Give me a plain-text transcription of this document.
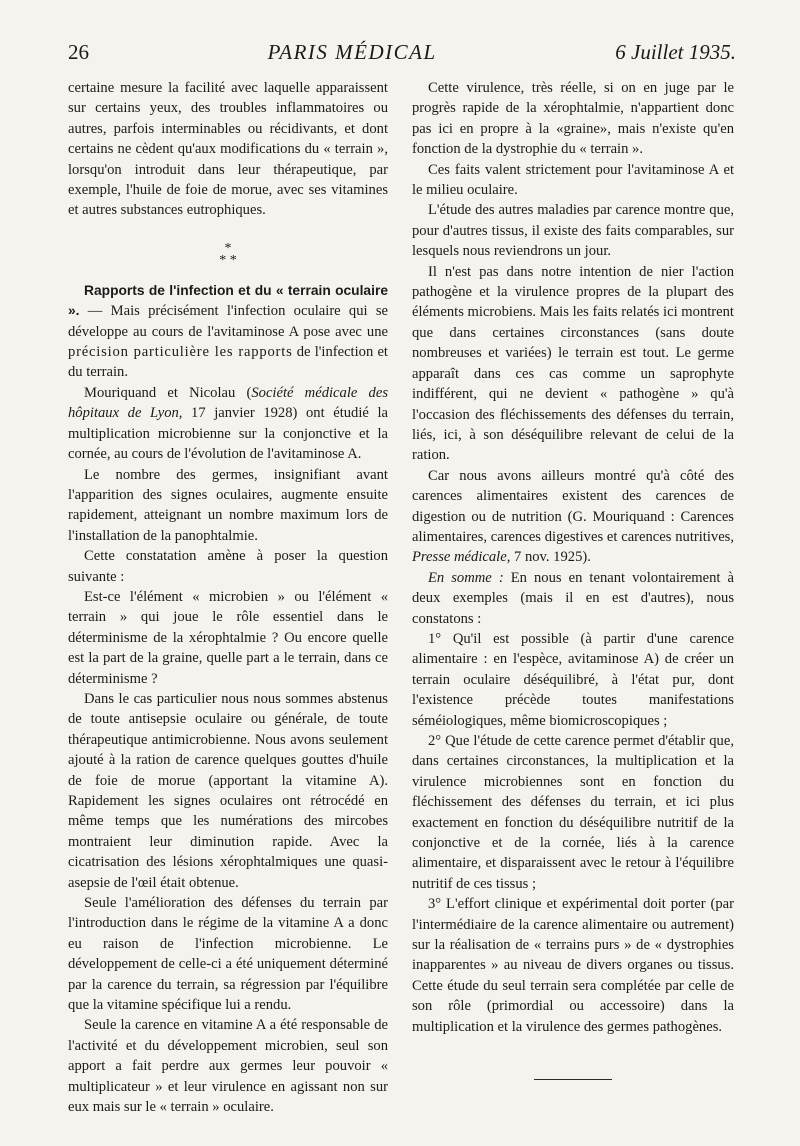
26	PARIS MÉDICAL	6 Juillet 1935.

certaine mesure la facilité avec laquelle apparaissent sur certains yeux, des troubles inflammatoires ou autres, parfois interminables ou récidivants, et dont certains ne cèdent qu'aux modifications du « terrain », lorsqu'on introduit dans leur thérapeutique, par exemple, l'huile de foie de morue, avec ses vitamines et autres substances eutrophiques.

*
* *

Rapports de l'infection et du « terrain oculaire ». — Mais précisément l'infection oculaire qui se développe au cours de l'avitaminose A pose avec une précision particulière les rapports de l'infection et du terrain.

Mouriquand et Nicolau (Société médicale des hôpitaux de Lyon, 17 janvier 1928) ont étudié la multiplication microbienne sur la conjonctive et la cornée, au cours de l'évolution de l'avitaminose A.

Le nombre des germes, insignifiant avant l'apparition des signes oculaires, augmente ensuite rapidement, atteignant un nombre maximum lors de l'installation de la panophtalmie.

Cette constatation amène à poser la question suivante :

Est-ce l'élément « microbien » ou l'élément « terrain » qui joue le rôle essentiel dans le déterminisme de la xérophtalmie ? Ou encore quelle est la part de la graine, quelle part a le terrain, dans ce déterminisme ?

Dans le cas particulier nous nous sommes abstenus de toute antisepsie oculaire ou générale, de toute thérapeutique antimicrobienne. Nous avons seulement ajouté à la ration de carence quelques gouttes d'huile de foie de morue (apportant la vitamine A). Rapidement les signes oculaires ont rétrocédé en même temps que les numérations des mircobes montraient leur diminution rapide. Avec la cicatrisation des lésions xérophtalmiques une quasi-asepsie de l'œil était obtenue.

Seule l'amélioration des défenses du terrain par l'introduction dans le régime de la vitamine A a donc eu raison de l'infection microbienne. Le développement de celle-ci a été uniquement déterminé par la carence du terrain, sa régression par l'équilibre que la vitamine spécifique lui a rendu.

Seule la carence en vitamine A a été responsable de l'activité et du développement microbien, seul son apport a fait perdre aux germes leur pouvoir « multiplicateur » et leur virulence en agissant non sur eux mais sur le « terrain » oculaire.

Cette virulence, très réelle, si on en juge par le progrès rapide de la xérophtalmie, n'appartient donc pas ici en propre à la «graine», mais n'existe qu'en fonction de la dystrophie du « terrain ».

Ces faits valent strictement pour l'avitaminose A et le milieu oculaire.

L'étude des autres maladies par carence montre que, pour d'autres tissus, il existe des faits comparables, sur lesquels nous reviendrons un jour.

Il n'est pas dans notre intention de nier l'action pathogène et la virulence propres de la plupart des éléments microbiens. Mais les faits relatés ici montrent que dans certaines circonstances (sans doute nombreuses et variées) le terrain est tout. Le germe apparaît dans ces cas comme un saprophyte indifférent, qui ne devient « pathogène » qu'à l'occasion des fléchissements des défenses du terrain, liés, ici, à son déséquilibre relevant de celui de la ration.

Car nous avons ailleurs montré qu'à côté des carences alimentaires existent des carences de digestion ou de nutrition (G. Mouriquand : Carences alimentaires, carences digestives et carences nutritives, Presse médicale, 7 nov. 1925).

En somme : En nous en tenant volontairement à deux exemples (mais il en est d'autres), nous constatons :

1° Qu'il est possible (à partir d'une carence alimentaire : en l'espèce, avitaminose A) de créer un terrain oculaire déséquilibré, à l'état pur, dont l'existence précède toutes manifestations séméiologiques, même biomicroscopiques ;

2° Que l'étude de cette carence permet d'établir que, dans certaines circonstances, la multiplication et la virulence microbiennes sont en fonction du fléchissement des défenses du terrain, et ici plus exactement en fonction du déséquilibre nutritif de la conjonctive et de la cornée, liés à la carence alimentaire, et disparaissent avec le retour à l'équilibre nutritif de ces tissus ;

3° L'effort clinique et expérimental doit porter (par l'intermédiaire de la carence alimentaire ou autrement) sur la réalisation de « terrains purs » de « dystrophies inapparentes » au niveau de divers organes ou tissus. Cette étude du seul terrain sera complétée par celle de son rôle (primordial ou accessoire) dans la multiplication et la virulence des germes pathogènes.
